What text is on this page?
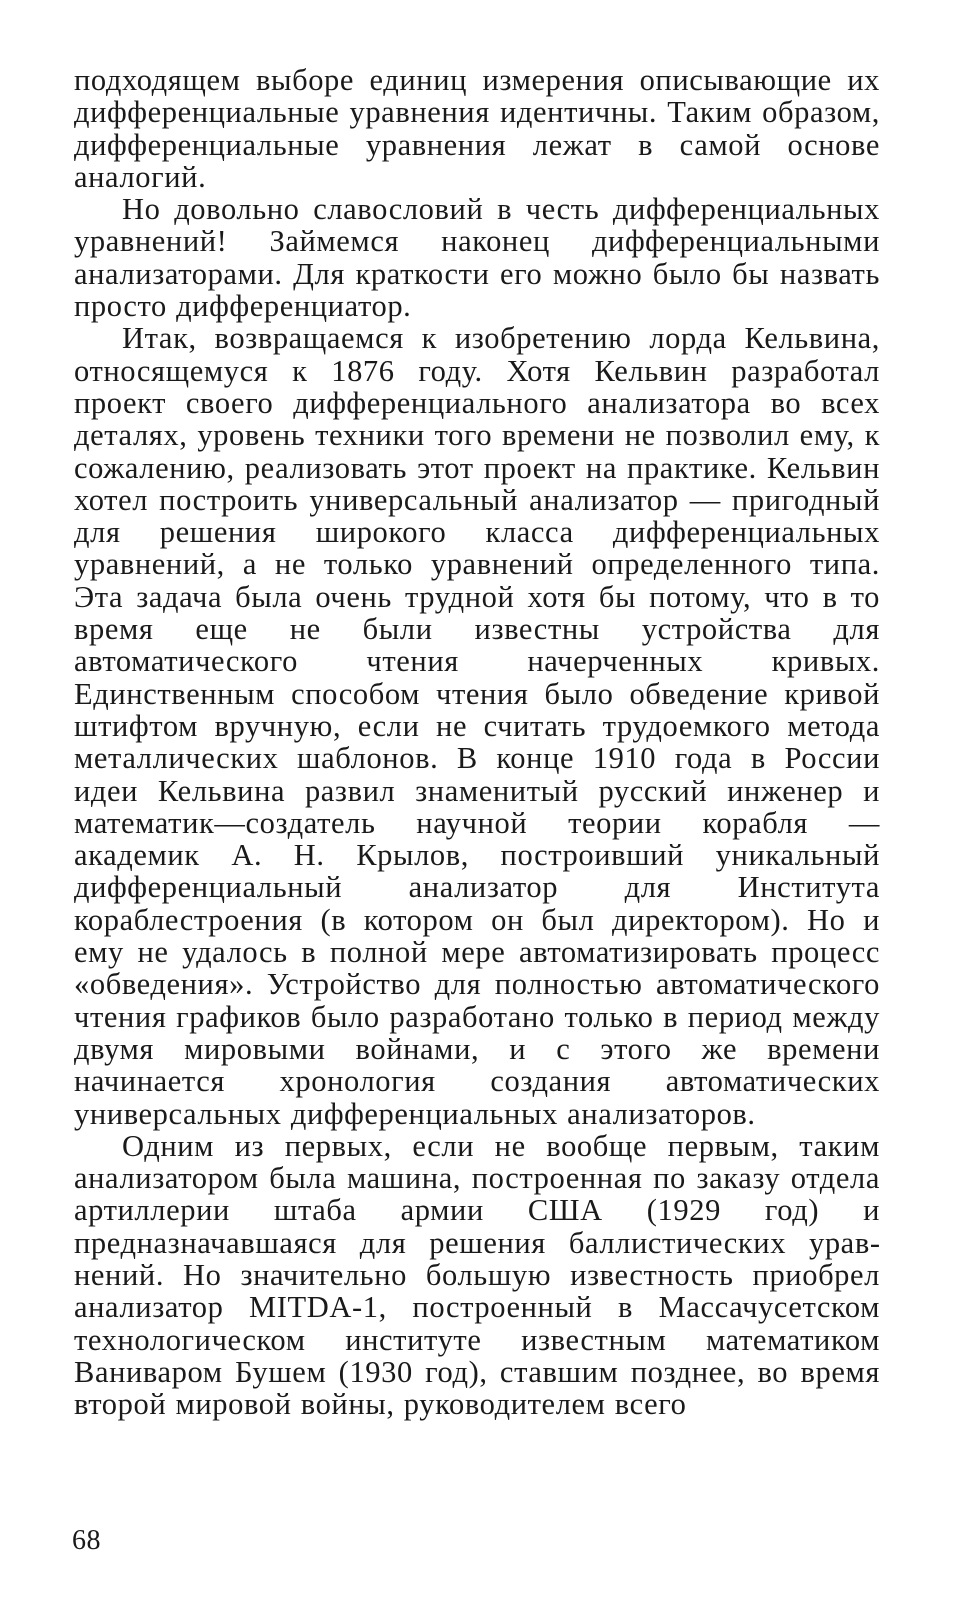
подходящем выборе единиц измерения описывающие их дифференциальные уравнения идентичны. Таким образом, дифференциальные уравнения лежат в самой основе аналогий.

Но довольно славословий в честь дифференциальных уравнений! Займемся наконец дифференциальными анализаторами. Для краткости его можно было бы назвать просто дифференциатор.

Итак, возвращаемся к изобретению лорда Кельвина, относящемуся к 1876 году. Хотя Кельвин разработал проект своего дифференциального анализатора во всех деталях, уровень техники того времени не позволил ему, к сожалению, реализовать этот проект на практике. Кельвин хотел построить универсальный анализатор — пригодный для решения широкого класса дифференциальных уравнений, а не только уравнений определенного типа. Эта задача была очень трудной хотя бы потому, что в то время еще не были известны устройства для автоматического чтения начерченных кривых. Единственным способом чтения было обведение кривой штифтом вручную, если не считать трудоемкого метода металлических шаблонов. В конце 1910 года в России идеи Кельвина развил знаменитый русский инженер и математик—создатель научной теории корабля — академик А. Н. Крылов, построивший уникальный дифференциальный анализатор для Института кораблестроения (в котором он был директором). Но и ему не удалось в полной мере автоматизировать процесс «обведения». Устройство для полностью автоматического чтения графиков было разработано только в период между двумя мировыми войнами, и с этого же времени начинается хронология создания автоматических универсальных дифференциальных анализаторов.

Одним из первых, если не вообще первым, таким анализатором была машина, построенная по заказу отдела артиллерии штаба армии США (1929 год) и предназначавшаяся для решения баллистических уравнений. Но значительно большую известность приобрел анализатор MITDA-1, построенный в Массачусетском технологическом институте известным математиком Ваниваром Бушем (1930 год), ставшим позднее, во время второй мировой войны, руководителем всего

68
